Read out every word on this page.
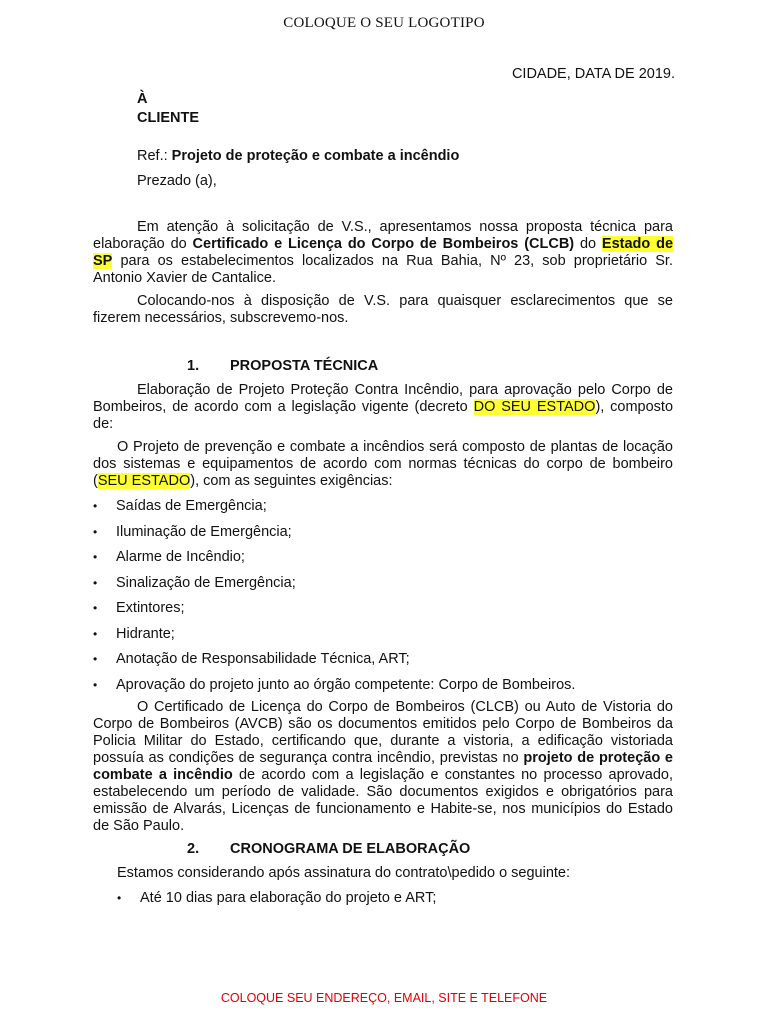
COLOQUE O SEU LOGOTIPO
CIDADE, DATA DE 2019.
À
CLIENTE
Ref.: Projeto de proteção e combate a incêndio
Prezado (a),
Em atenção à solicitação de V.S., apresentamos nossa proposta técnica para elaboração do Certificado e Licença do Corpo de Bombeiros (CLCB) do Estado de SP para os estabelecimentos localizados na Rua Bahia, Nº 23, sob proprietário Sr. Antonio Xavier de Cantalice.
Colocando-nos à disposição de V.S. para quaisquer esclarecimentos que se fizerem necessários, subscrevemo-nos.
1. PROPOSTA TÉCNICA
Elaboração de Projeto Proteção Contra Incêndio, para aprovação pelo Corpo de Bombeiros, de acordo com a legislação vigente (decreto DO SEU ESTADO), composto de:
O Projeto de prevenção e combate a incêndios será composto de plantas de locação dos sistemas e equipamentos de acordo com normas técnicas do corpo de bombeiro (SEU ESTADO), com as seguintes exigências:
• Saídas de Emergência;
• Iluminação de Emergência;
• Alarme de Incêndio;
• Sinalização de Emergência;
• Extintores;
• Hidrante;
• Anotação de Responsabilidade Técnica, ART;
• Aprovação do projeto junto ao órgão competente: Corpo de Bombeiros.
O Certificado de Licença do Corpo de Bombeiros (CLCB) ou Auto de Vistoria do Corpo de Bombeiros (AVCB) são os documentos emitidos pelo Corpo de Bombeiros da Policia Militar do Estado, certificando que, durante a vistoria, a edificação vistoriada possuía as condições de segurança contra incêndio, previstas no projeto de proteção e combate a incêndio de acordo com a legislação e constantes no processo aprovado, estabelecendo um período de validade. São documentos exigidos e obrigatórios para emissão de Alvarás, Licenças de funcionamento e Habite-se, nos municípios do Estado de São Paulo.
2. CRONOGRAMA DE ELABORAÇÃO
Estamos considerando após assinatura do contrato\pedido o seguinte:
• Até 10 dias para elaboração do projeto e ART;
COLOQUE SEU ENDEREÇO, EMAIL, SITE E TELEFONE
